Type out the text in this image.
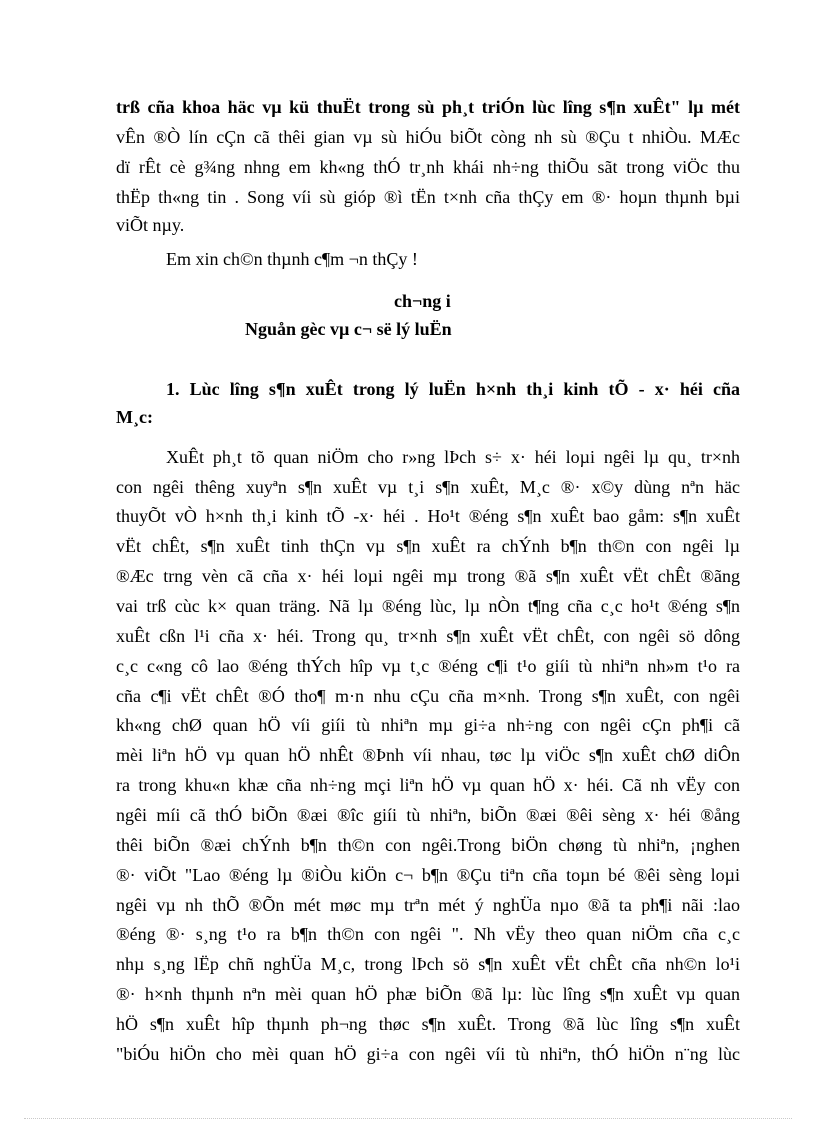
trß cña khoa häc vµ kü thuËt trong sù ph¸t triÓn lùc lîng s¶n xuÊt" lµ mét
vÊn ®Ò lín cÇn cã thêi gian vµ sù hiÓu biÕt còng nh sù ®Çu t nhiÒu. MÆc
dï rÊt cè g¾ng nhng em kh«ng thÓ tr¸nh khái nh÷ng thiÕu sãt trong viÖc thu
thËp th«ng tin . Song víi sù gióp ®ì tËn t×nh cña thÇy em ®· hoµn thµnh bµi
viÕt nµy.
Em xin ch©n thµnh c¶m ¬n thÇy !
ch¬ng i
Nguån gèc vµ c¬ së lý luËn
1. Lùc lîng s¶n xuÊt trong lý luËn h×nh th¸i kinh tÕ - x· héi cña
M¸c:
XuÊt ph¸t tõ quan niÖm cho r»ng lÞch s÷ x· héi loµi ngêi lµ qu¸ tr×nh
con ngêi thêng xuyªn s¶n xuÊt vµ t¸i s¶n xuÊt, M¸c ®· x©y dùng nªn häc
thuyÕt vÒ h×nh th¸i kinh tÕ -x· héi . Ho¹t ®éng s¶n xuÊt bao gåm: s¶n xuÊt
vËt chÊt, s¶n xuÊt tinh thÇn vµ s¶n xuÊt ra chÝnh b¶n th©n con ngêi lµ
®Æc trng vèn cã cña x· héi loµi ngêi mµ trong ®ã s¶n xuÊt vËt chÊt ®ãng
vai trß cùc k× quan träng. Nã lµ ®éng lùc, lµ nÒn t¶ng cña c¸c ho¹t ®éng s¶n
xuÊt cßn l¹i cña x· héi. Trong qu¸ tr×nh s¶n xuÊt vËt chÊt, con ngêi sö dông
c¸c c«ng cô lao ®éng thÝch hîp vµ t¸c ®éng c¶i t¹o giíi tù nhiªn nh»m t¹o ra
cña c¶i vËt chÊt ®Ó tho¶ m·n nhu cÇu cña m×nh. Trong s¶n xuÊt, con ngêi
kh«ng chØ quan hÖ víi giíi tù nhiªn mµ gi÷a nh÷ng con ngêi cÇn ph¶i cã
mèi liªn hÖ vµ quan hÖ nhÊt ®Þnh víi nhau, tøc lµ viÖc s¶n xuÊt chØ diÔn
ra trong khu«n khæ cña nh÷ng mçi liªn hÖ vµ quan hÖ x· héi. Cã nh vËy con
ngêi míi cã thÓ biÕn ®æi ®îc giíi tù nhiªn, biÕn ®æi ®êi sèng x· héi ®ång
thêi biÕn ®æi chÝnh b¶n th©n con ngêi.Trong biÖn chøng tù nhiªn, ¡nghen
®· viÕt "Lao ®éng lµ ®iÒu kiÖn c¬ b¶n ®Çu tiªn cña toµn bé ®êi sèng loµi
ngêi vµ nh thÕ ®Õn mét møc mµ trªn mét ý nghÜa nµo ®ã ta ph¶i nãi :lao
®éng ®· s¸ng t¹o ra b¶n th©n con ngêi ". Nh vËy theo quan niÖm cña c¸c
nhµ s¸ng lËp chñ nghÜa M¸c, trong lÞch sö s¶n xuÊt vËt chÊt cña nh©n lo¹i
®· h×nh thµnh nªn mèi quan hÖ phæ biÕn ®ã lµ: lùc lîng s¶n xuÊt vµ quan
hÖ s¶n xuÊt hîp thµnh ph¬ng thøc s¶n xuÊt. Trong ®ã lùc lîng s¶n xuÊt
"biÓu hiÖn cho mèi quan hÖ gi÷a con ngêi víi tù nhiªn, thÓ hiÖn n¨ng lùc
